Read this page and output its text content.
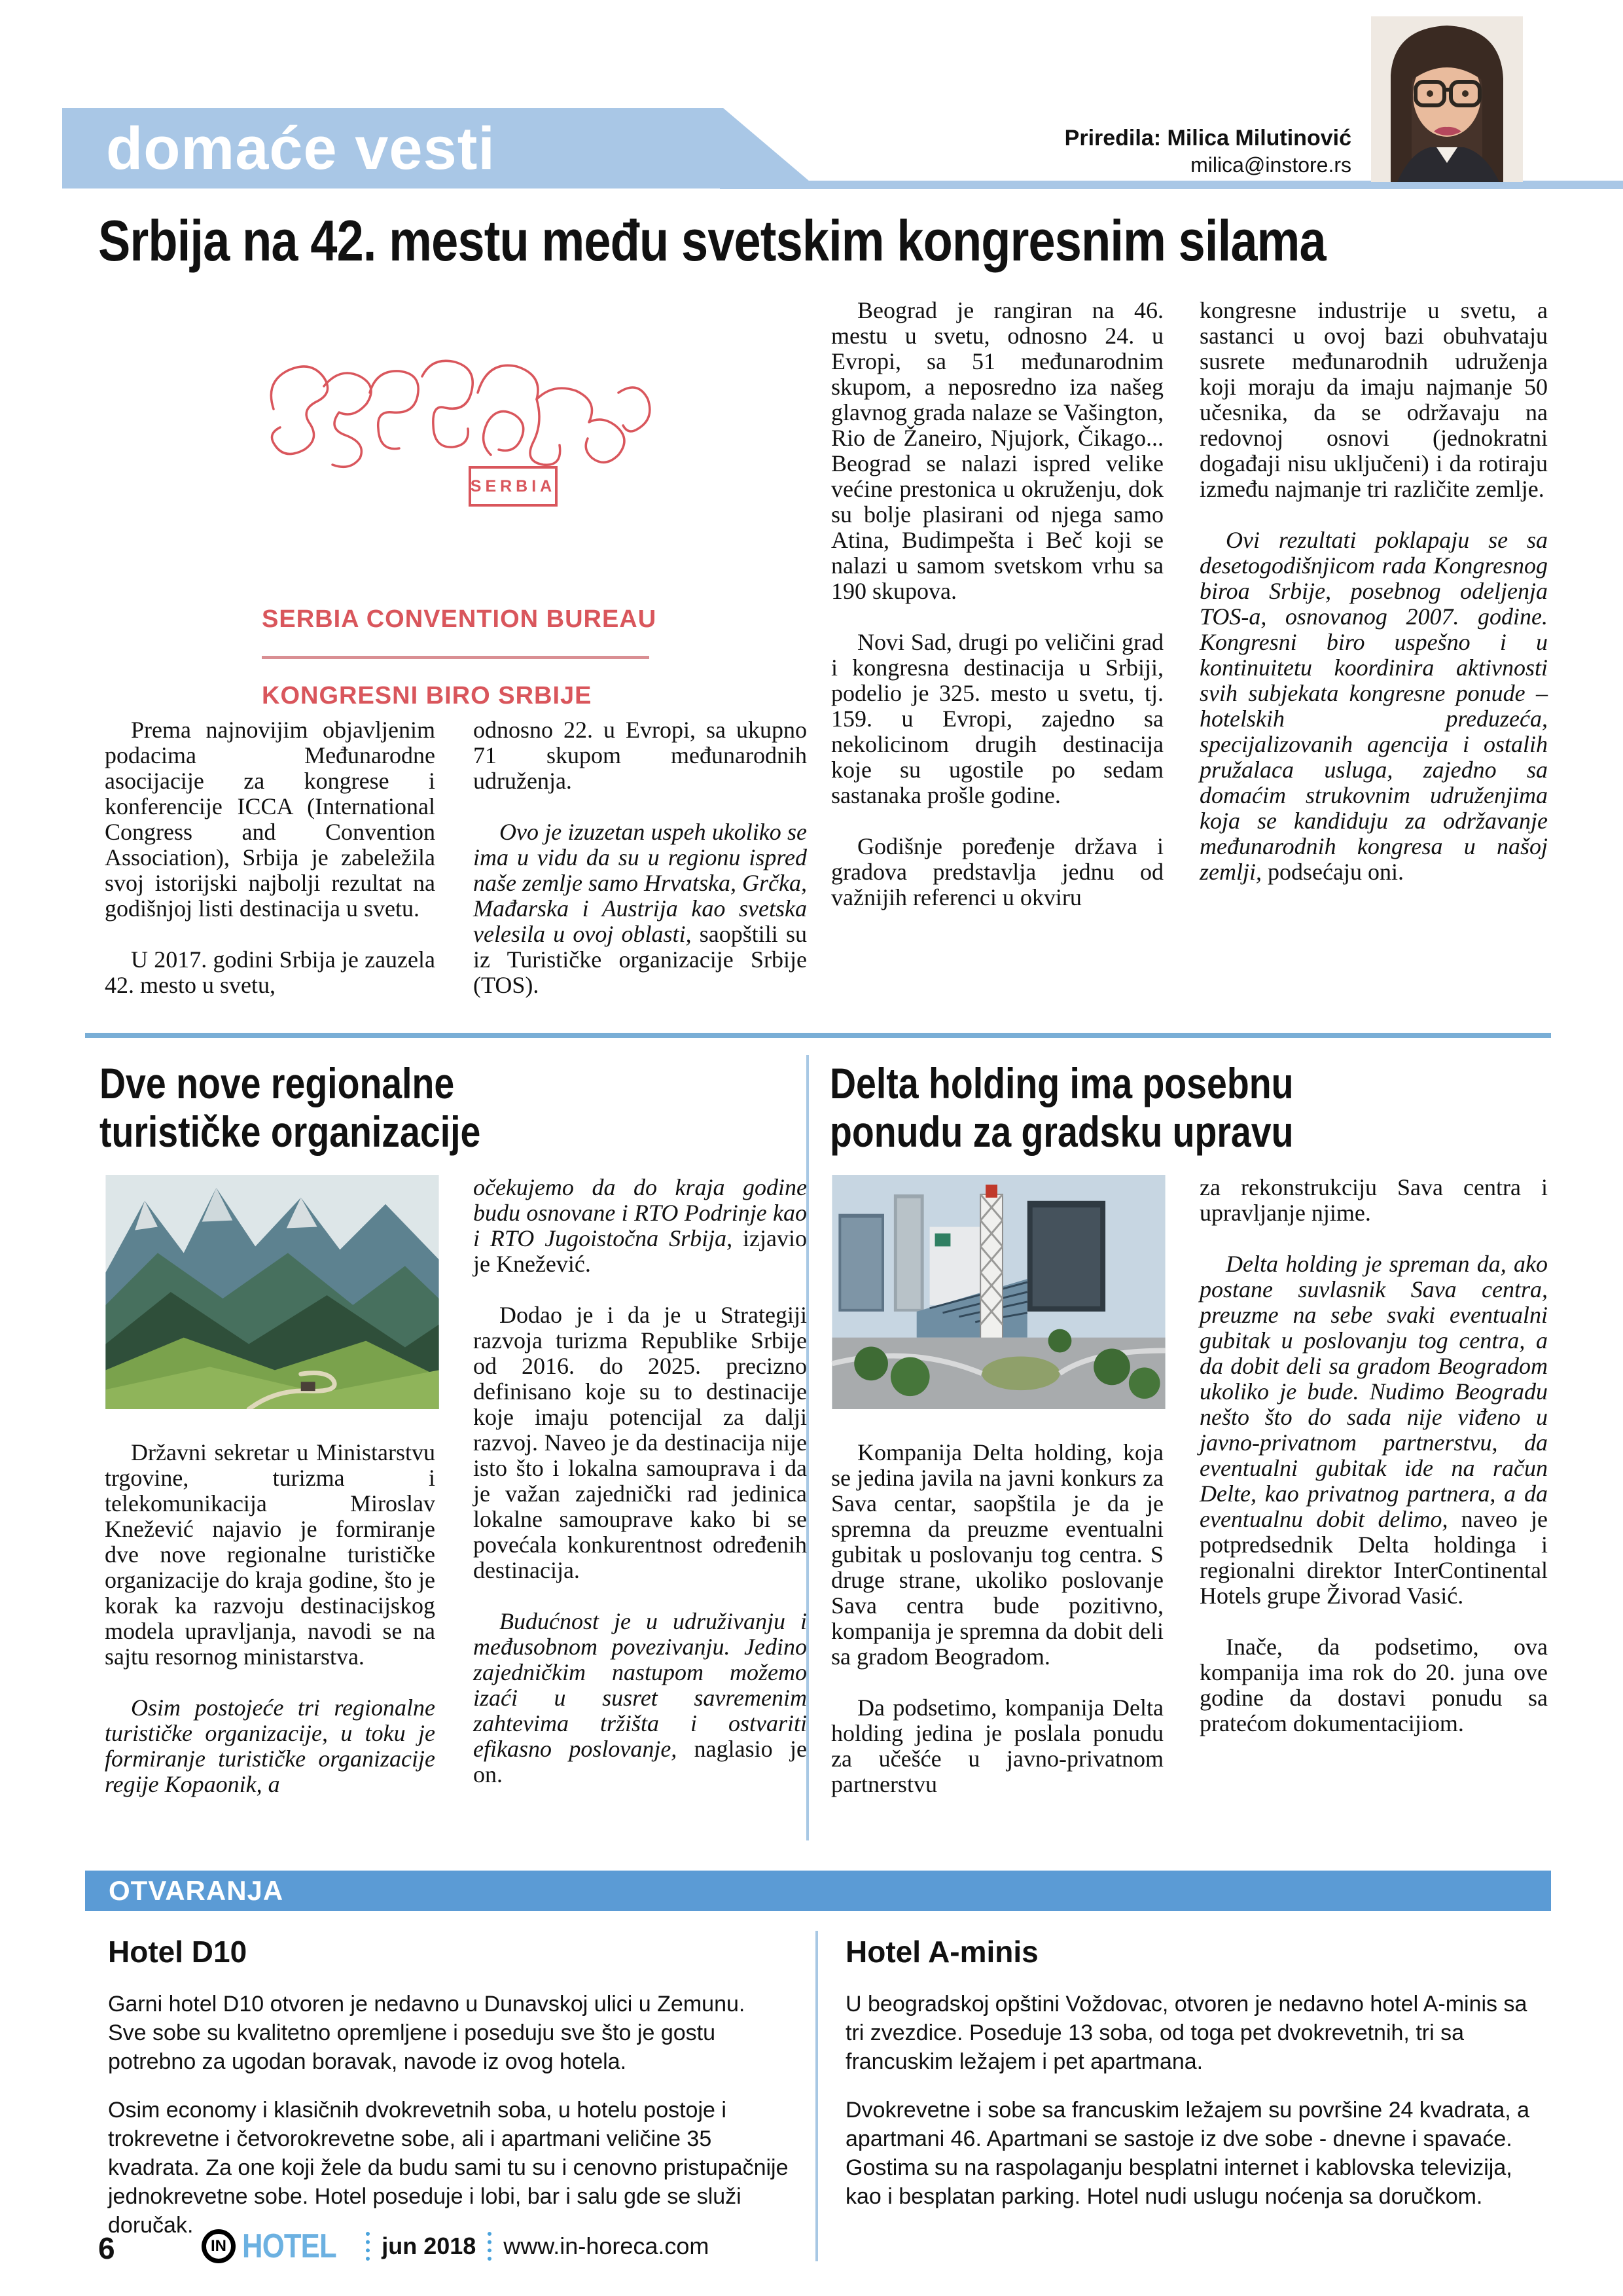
domaće vesti	Priredila: Milica Milutinović
milica@instore.rs
Srbija na 42. mestu među svetskim kongresnim silama
SERBIA
SERBIA CONVENTION BUREAU
KONGRESNI BIRO SRBIJE

Prema najnovijim objavljenim podacima Međunarodne asocijacije za kongrese i konferencije ICCA (International Congress and Convention Association), Srbija je zabeležila svoj istorijski najbolji rezultat na godišnjoj listi destinacija u svetu.

U 2017. godini Srbija je zauzela 42. mesto u svetu,

odnosno 22. u Evropi, sa ukupno 71 skupom međunarodnih udruženja.

Ovo je izuzetan uspeh ukoliko se ima u vidu da su u regionu ispred naše zemlje samo Hrvatska, Grčka, Mađarska i Austrija kao svetska velesila u ovoj oblasti, saopštili su iz Turističke organizacije Srbije (TOS).

Beograd je rangiran na 46. mestu u svetu, odnosno 24. u Evropi, sa 51 međunarodnim skupom, a neposredno iza našeg glavnog grada nalaze se Vašington, Rio de Žaneiro, Njujork, Čikago... Beograd se nalazi ispred velike većine prestonica u okruženju, dok su bolje plasirani od njega samo Atina, Budimpešta i Beč koji se nalazi u samom svetskom vrhu sa 190 skupova.

Novi Sad, drugi po veličini grad i kongresna destinacija u Srbiji, podelio je 325. mesto u svetu, tj. 159. u Evropi, zajedno sa nekolicinom drugih destinacija koje su ugostile po sedam sastanaka prošle godine.

Godišnje poređenje država i gradova predstavlja jednu od važnijih referenci u okviru

kongresne industrije u svetu, a sastanci u ovoj bazi obuhvataju susrete međunarodnih udruženja koji moraju da imaju najmanje 50 učesnika, da se održavaju na redovnoj osnovi (jednokratni događaji nisu uključeni) i da rotiraju između najmanje tri različite zemlje.

Ovi rezultati poklapaju se sa desetogodišnjicom rada Kongresnog biroa Srbije, posebnog odeljenja TOS-a, osnovanog 2007. godine. Kongresni biro uspešno i u kontinuitetu koordinira aktivnosti svih subjekata kongresne ponude – hotelskih preduzeća, specijalizovanih agencija i ostalih pružalaca usluga, zajedno sa domaćim strukovnim udruženjima koja se kandiduju za održavanje međunarodnih kongresa u našoj zemlji, podsećaju oni.

Dve nove regionalne
turističke organizacije
Delta holding ima posebnu
ponudu za gradsku upravu

Državni sekretar u Ministarstvu trgovine, turizma i telekomunikacija Miroslav Knežević najavio je formiranje dve nove regionalne turističke organizacije do kraja godine, što je korak ka razvoju destinacijskog modela upravljanja, navodi se na sajtu resornog ministarstva.

Osim postojeće tri regionalne turističke organizacije, u toku je formiranje turističke organizacije regije Kopaonik, a

očekujemo da do kraja godine budu osnovane i RTO Podrinje kao i RTO Jugoistočna Srbija, izjavio je Knežević.

Dodao je i da je u Strategiji razvoja turizma Republike Srbije od 2016. do 2025. precizno definisano koje su to destinacije koje imaju potencijal za dalji razvoj. Naveo je da destinacija nije isto što i lokalna samouprava i da je važan zajednički rad jedinica lokalne samouprave kako bi se povećala konkurentnost određenih destinacija.

Budućnost je u udruživanju i međusobnom povezivanju. Jedino zajedničkim nastupom možemo izaći u susret savremenim zahtevima tržišta i ostvariti efikasno poslovanje, naglasio je on.

Kompanija Delta holding, koja se jedina javila na javni konkurs za Sava centar, saopštila je da je spremna da preuzme eventualni gubitak u poslovanju tog centra. S druge strane, ukoliko poslovanje Sava centra bude pozitivno, kompanija je spremna da dobit deli sa gradom Beogradom.

Da podsetimo, kompanija Delta holding jedina je poslala ponudu za učešće u javno-privatnom partnerstvu

za rekonstrukciju Sava centra i upravljanje njime.

Delta holding je spreman da, ako postane suvlasnik Sava centra, preuzme na sebe svaki eventualni gubitak u poslovanju tog centra, a da dobit deli sa gradom Beogradom ukoliko je bude. Nudimo Beogradu nešto što do sada nije viđeno u javno-privatnom partnerstvu, da eventualni gubitak ide na račun Delte, kao privatnog partnera, a da eventualnu dobit delimo, naveo je potpredsednik Delta holdinga i regionalni direktor InterContinental Hotels grupe Živorad Vasić.

Inače, da podsetimo, ova kompanija ima rok do 20. juna ove godine da dostavi ponudu sa pratećom dokumentacijiom.

OTVARANJA
Hotel D10

Garni hotel D10 otvoren je nedavno u Dunavskoj ulici u Zemunu. Sve sobe su kvalitetno opremljene i poseduju sve što je gostu potrebno za ugodan boravak, navode iz ovog hotela.

Osim economy i klasičnih dvokrevetnih soba, u hotelu postoje i trokrevetne i četvorokrevetne sobe, ali i apartmani veličine 35 kvadrata. Za one koji žele da budu sami tu su i cenovno pristupačnije jednokrevetne sobe. Hotel poseduje i lobi, bar i salu gde se služi doručak.

Hotel A-minis

U beogradskoj opštini Voždovac, otvoren je nedavno hotel A-minis sa tri zvezdice. Poseduje 13 soba, od toga pet dvokrevetnih, tri sa francuskim ležajem i pet apartmana.

Dvokrevetne i sobe sa francuskim ležajem su površine 24 kvadrata, a apartmani 46. Apartmani se sastoje iz dve sobe - dnevne i spavaće. Gostima su na raspolaganju besplatni internet i kablovska televizija, kao i besplatan parking. Hotel nudi uslugu noćenja sa doručkom.

6	IN HOTEL	jun 2018 www.in-horeca.com
